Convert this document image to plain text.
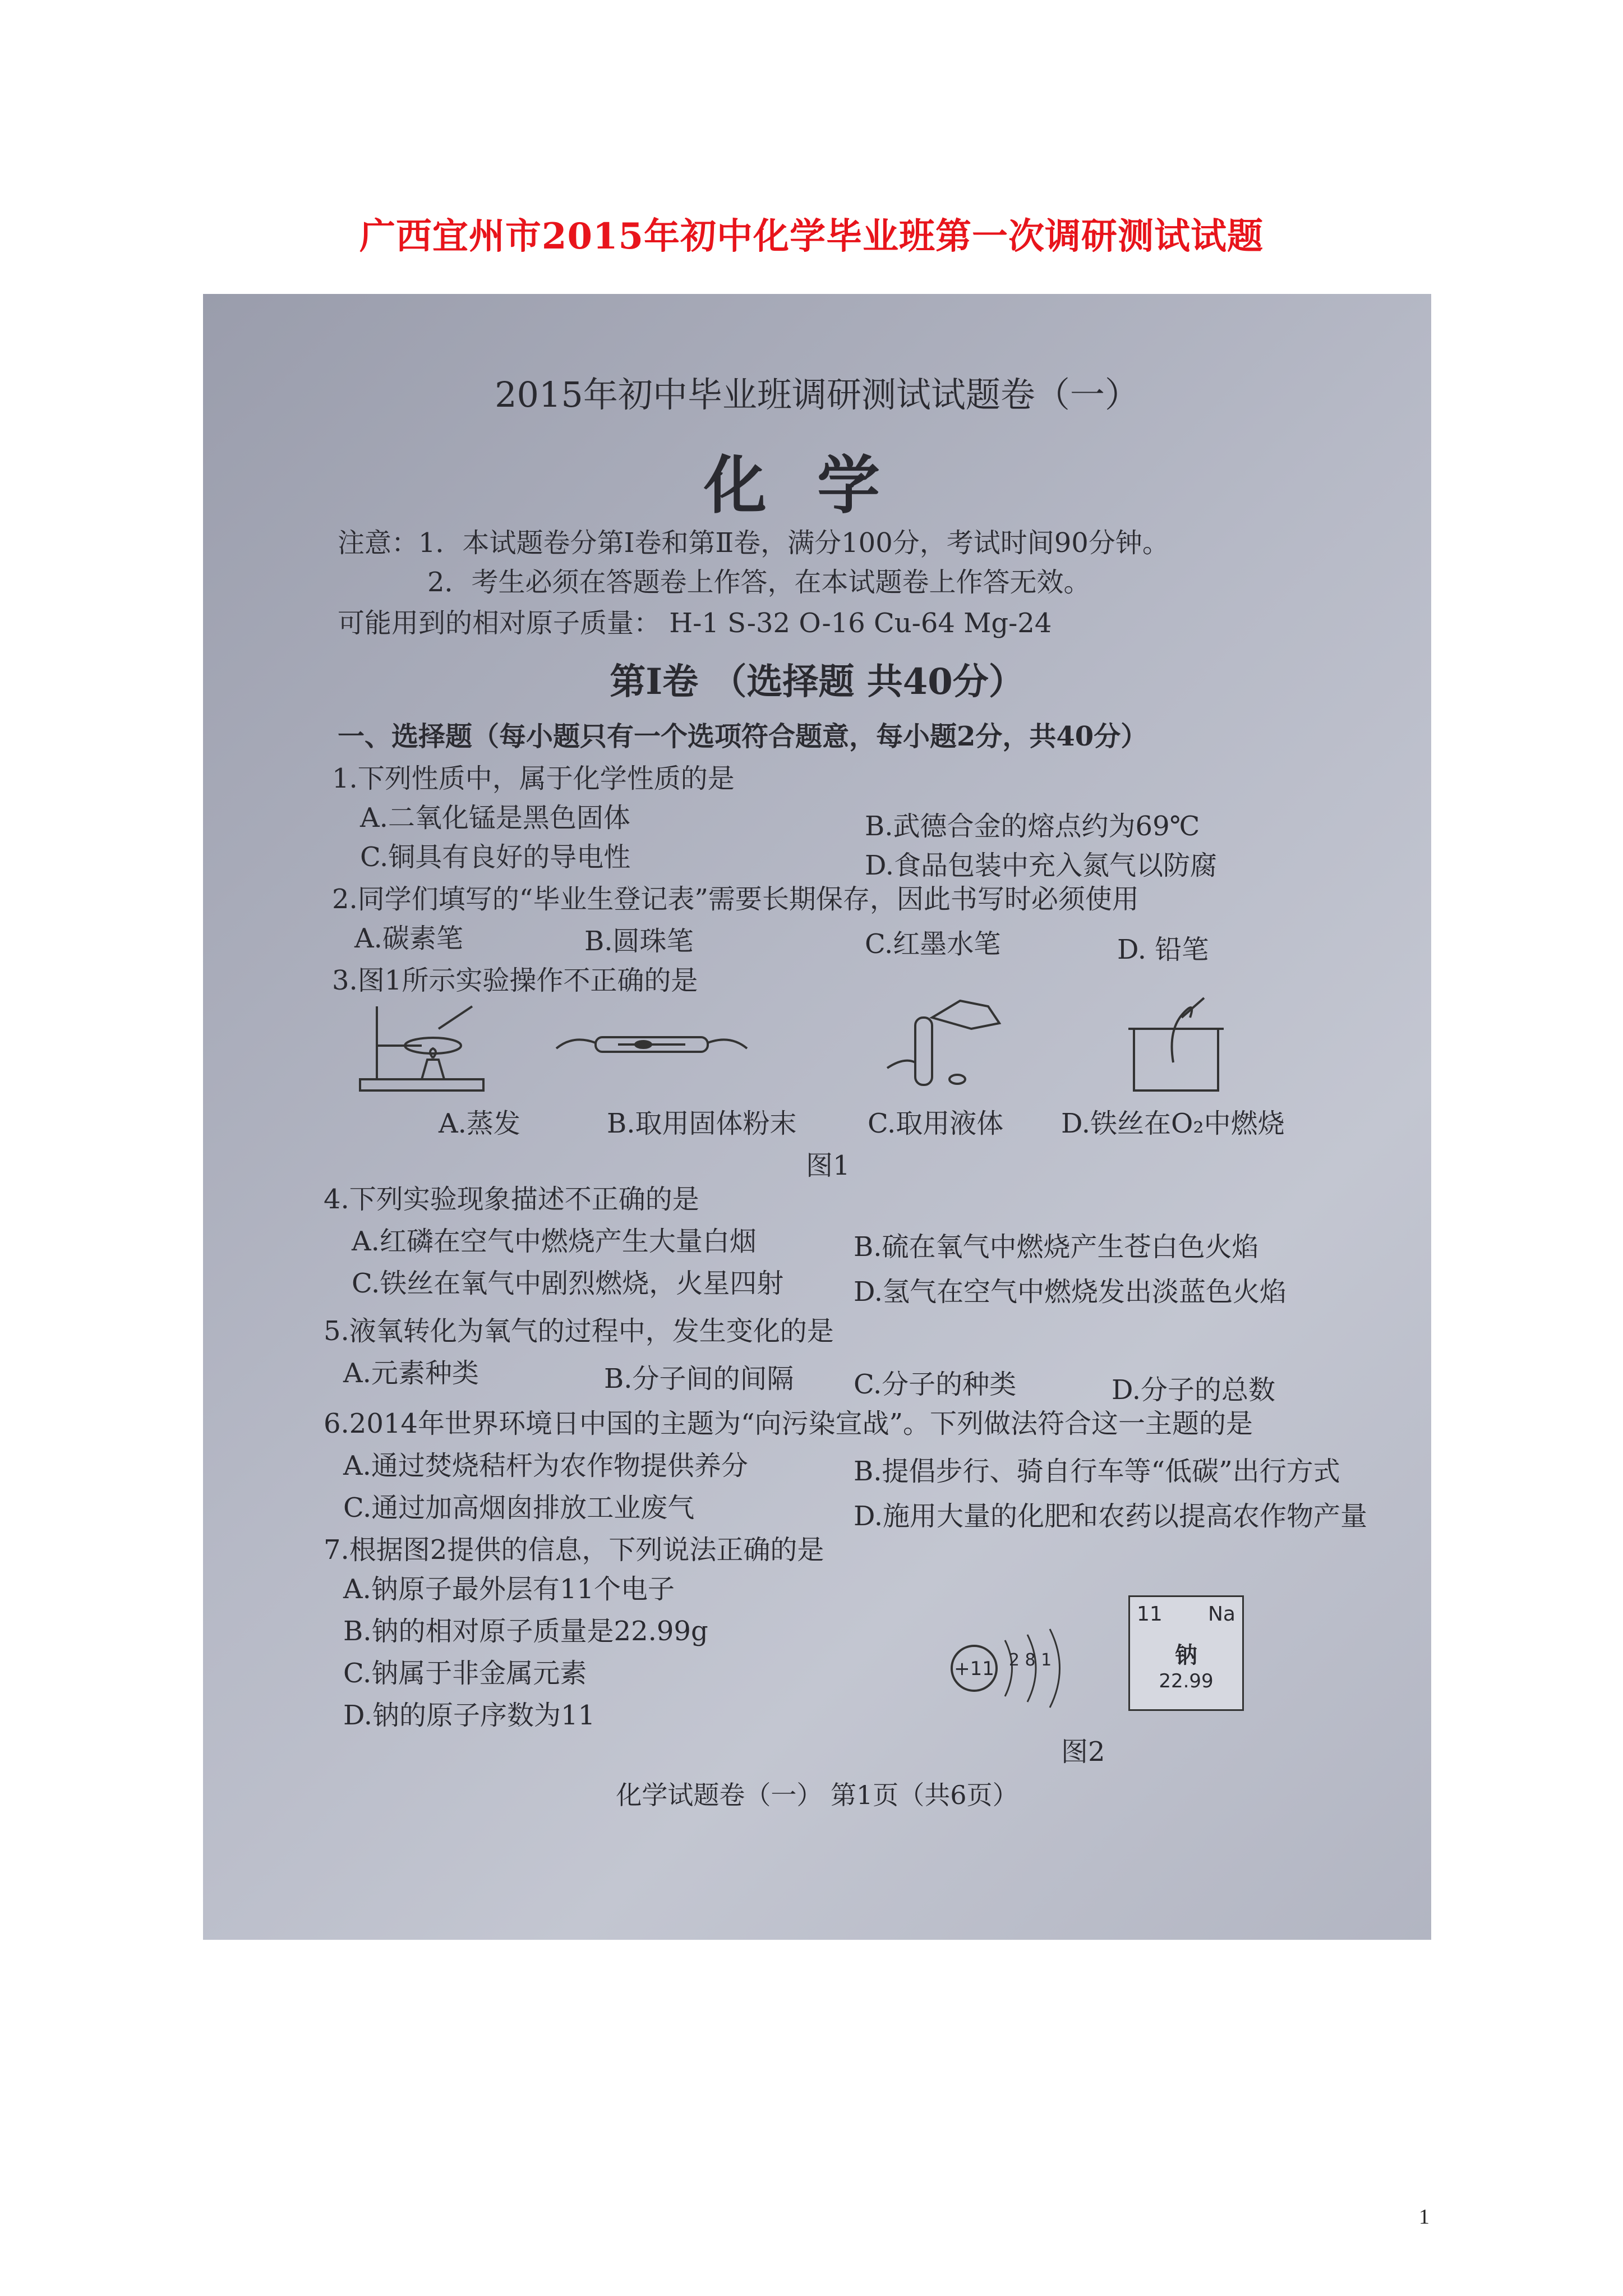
广西宜州市2015年初中化学毕业班第一次调研测试试题
2015年初中毕业班调研测试试题卷（一）
化学
注意：1．本试题卷分第Ⅰ卷和第Ⅱ卷，满分100分，考试时间90分钟。
2．考生必须在答题卷上作答，在本试题卷上作答无效。
可能用到的相对原子质量： H-1 S-32 O-16 Cu-64 Mg-24
第Ⅰ卷 （选择题 共40分）
一、选择题（每小题只有一个选项符合题意，每小题2分，共40分）
1.下列性质中，属于化学性质的是
A.二氧化锰是黑色固体	B.武德合金的熔点约为69℃
C.铜具有良好的导电性	D.食品包装中充入氮气以防腐
2.同学们填写的“毕业生登记表”需要长期保存，因此书写时必须使用
A.碳素笔	B.圆珠笔	C.红墨水笔	D. 铅笔
3.图1所示实验操作不正确的是
A.蒸发	B.取用固体粉末	C.取用液体 D.铁丝在O₂中燃烧
图1
4.下列实验现象描述不正确的是
A.红磷在空气中燃烧产生大量白烟	B.硫在氧气中燃烧产生苍白色火焰
C.铁丝在氧气中剧烈燃烧，火星四射	D.氢气在空气中燃烧发出淡蓝色火焰
5.液氧转化为氧气的过程中，发生变化的是
A.元素种类	B.分子间的间隔 C.分子的种类	D.分子的总数
6.2014年世界环境日中国的主题为“向污染宣战”。下列做法符合这一主题的是
A.通过焚烧秸杆为农作物提供养分	B.提倡步行、骑自行车等“低碳”出行方式
C.通过加高烟囱排放工业废气	D.施用大量的化肥和农药以提高农作物产量
7.根据图2提供的信息，下列说法正确的是
A.钠原子最外层有11个电子
B.钠的相对原子质量是22.99g
C.钠属于非金属元素
D.钠的原子序数为11
+11 2 8 1
11 Na
钠
22.99
图2
化学试题卷（一） 第1页（共6页）
1
